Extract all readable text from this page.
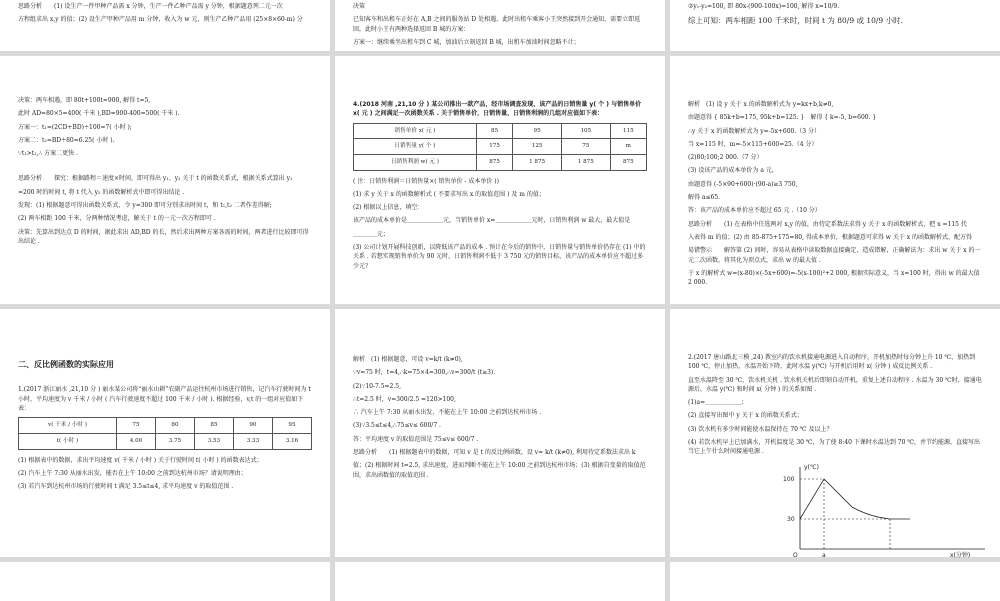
思路分析　　(1) 设生产一件甲种产品需 x 分钟，生产一件乙种产品需 y 分钟，根据题意列二元一次

方程组求出 x,y 的值；(2) 设生产甲种产品用 m 分钟，收入为 w 元，则生产乙种产品用 (25×8×60-m) 分

决策

已知客车和出租车正好在 A,B 之间的服务站 D 处相遇，此时出租车乘客小王突然接到开会通知，需要立即返回，此时小王有两种选择返回 B 城的方案：

方案一：继续乘坐出租车到 C 城，加油后立刻返回 B 城，出租车加油时间忽略不计；

②y₁-y₂=100, 即 80x-(900-100x)=100, 解得 x=10/9.

综上可知：两车相距 100 千米时，时间 t 为 80/9 或 10/9 小时.

决策：两车相遇，即 80t+100t=900, 解得 t=5,

此时 AD=80×5=400( 千米 ),BD=900-400=500( 千米 ).

方案一：t₁=(2CD+BD)÷100=7( 小时 );

方案二：t₂=BD÷80=6.25( 小时 ).

∵t₁>t₂,∴ 方案二更快 .

思路分析　　探究：根据路程＝速度×时间，即可得出 y₁、y₂ 关于 t 的函数关系式，根据关系式算出 y₁

=200 时的时间 t, 将 t 代入 y₂ 的函数解析式中即可得出结论 .

发现：(1) 根据题意可得出函数关系式，令 y=300 即可分别求出时间 t，和 t₁,t₂ 二者作差得解;

(2) 两车相距 100 千米，分两种情况考虑，解关于 t 的一元一次方程即可 .

决策：先算出到达点 D 的时间，据此求出 AD,BD 的长，然后求出两种方案各需的时间，两者进行比较即可得出结论 .

4.(2018 河南 ,21,10 分 ) 某公司推出一款产品，经市场调查发现，该产品的日销售量 y( 个 ) 与销售单价 x( 元 ) 之间满足一次函数关系 . 关于销售单价，日销售量，日销售利润的几组对应值如下表：

销售单价 x( 元 )	85	95	105	115
日销售量 y( 个 )	175	125	75	m
日销售利润 w( 元 )	875	1 875	1 875	875

( 注：日销售利润＝日销售量×( 销售单价 - 成本单价 ))

(1) 求 y 关于 x 的函数解析式 ( 不要求写出 x 的取值范围 ) 及 m 的值；

(2) 根据以上信息，填空：

该产品的成本单价是＿＿＿＿＿＿元，当销售单价 x=＿＿＿＿＿＿元时，日销售利润 w 最大，最大值是

＿＿＿＿元；

(3) 公司计划开展科技创新，以降低该产品的成本 . 预计在今后的销售中，日销售量与销售单价仍存在 (1) 中的关系 . 若想实现销售单价为 90 元时，日销售利润不低于 3 750 元的销售目标，该产品的成本单价应不超过多少元？

解析　(1) 设 y 关于 x 的函数解析式为 y=kx+b,k≠0,

由题意得 { 85k+b=175, 95k+b=125. }　解得 { k=-5, b=600. }

∴y 关于 x 的函数解析式为 y=-5x+600.（3 分）

当 x=115 时，m=-5×115+600=25.（4 分）

(2)80;100;2 000.（7 分）

(3) 设该产品的成本单价为 a 元，

由题意得 (-5×90+600)·(90-a)≥3 750,

解得 a≤65.

答：该产品的成本单价应不超过 65 元 .（10 分）

思路分析　　(1) 在表格中任选两对 x,y 的值，由待定系数法求得 y 关于 x 的函数解析式，把 x =115 代

入表得 m 的值；(2) 由 85-875+175=80, 得成本单价，根据题意可求得 w 关于 x 的函数解析式，配方得

易错警示　　解答第 (2) 问时，容易从表格中读取数据直接确定，造成错解，正确解法为：求出 w 关于 x 的一元二次函数，将其化为顶点式，求出 w 的最大值 .

于 x 的解析式 w=(x-80)×(-5x+600)=-5(x-100)²+2 000, 根据实际意义，当 x=100 时，得出 w 的最大值 2 000.

二、反比例函数的实际应用

1.(2017 浙江丽水 ,21,10 分 ) 丽水某公司将“丽水山耕”农副产品运往杭州市场进行销售，记汽车行驶时间为 t 小时，平均速度为 v 千米 / 小时 ( 汽车行驶速度不超过 100 千米 / 小时 ). 根据经验，v,t 的一组对应值如下表：

v( 千米 / 小时 )	75	80	85	90	95
t( 小时 )	4.00	3.75	3.53	3.33	3.16

(1) 根据表中的数据，求出平均速度 v( 千米 / 小时 ) 关于行驶时间 t( 小时 ) 的函数表达式；

(2) 汽车上午 7:30 从丽水出发，能否在上午 10:00 之前到达杭州市场？请说明理由；

(3) 若汽车到达杭州市场的行驶时间 t 满足 3.5≤t≤4, 求平均速度 v 的取值范围 .

解析　(1) 根据题意，可设 v=k/t (k≠0),

∵v=75 时，t=4,∴k=75×4=300,∴v=300/t (t≥3).

(2)∵10-7.5=2.5,

∴t=2.5 时，v=300/2.5 =120>100,

∴ 汽车上午 7:30 从丽水出发，不能在上午 10:00 之前到达杭州市场 .

(3)∵3.5≤t≤4,∴75≤v≤ 600/7 .

答：平均速度 v 的取值范围是 75≤v≤ 600/7 .

思路分析　　(1) 根据题表中的数据，可知 v 是 t 的反比例函数，设 v= k/t (k≠0), 利用待定系数法求出 k

值；(2) 根据时间 t=2.5, 求出速度，进而判断不能在上午 10:00 之前到达杭州市场；(3) 根据自变量的取值范围，求出函数值的取值范围 .

2.(2017 唐山路北三模 ,24) 教室内的饮水机接通电源进入自动程序，开机加热时每分钟上升 10 ℃，加热到 100 ℃，停止加热，水温开始下降，此时水温 y(℃) 与开机后用时 x( 分钟 ) 成反比例关系 .

直至水温降至 30 ℃，饮水机关机 . 饮水机关机后即刻自动开机，重复上述自动程序 . 水温为 30 ℃时，接通电源后，水温 y(℃) 和时间 x( 分钟 ) 的关系如图 .

(1)a=＿＿＿＿＿＿；

(2) 直接写出图中 y 关于 x 的函数关系式；

(3) 饮水机有多少时间能使水温保持在 70 ℃ 及以上？

(4) 若饮水机早上已加满水，开机温度是 30 ℃，为了使 8:40 下课时水温达到 70 ℃，并节约能源，直接写出当它上午什么时间接通电源 .

y(℃)
100
30
O	a	x(分钟)
